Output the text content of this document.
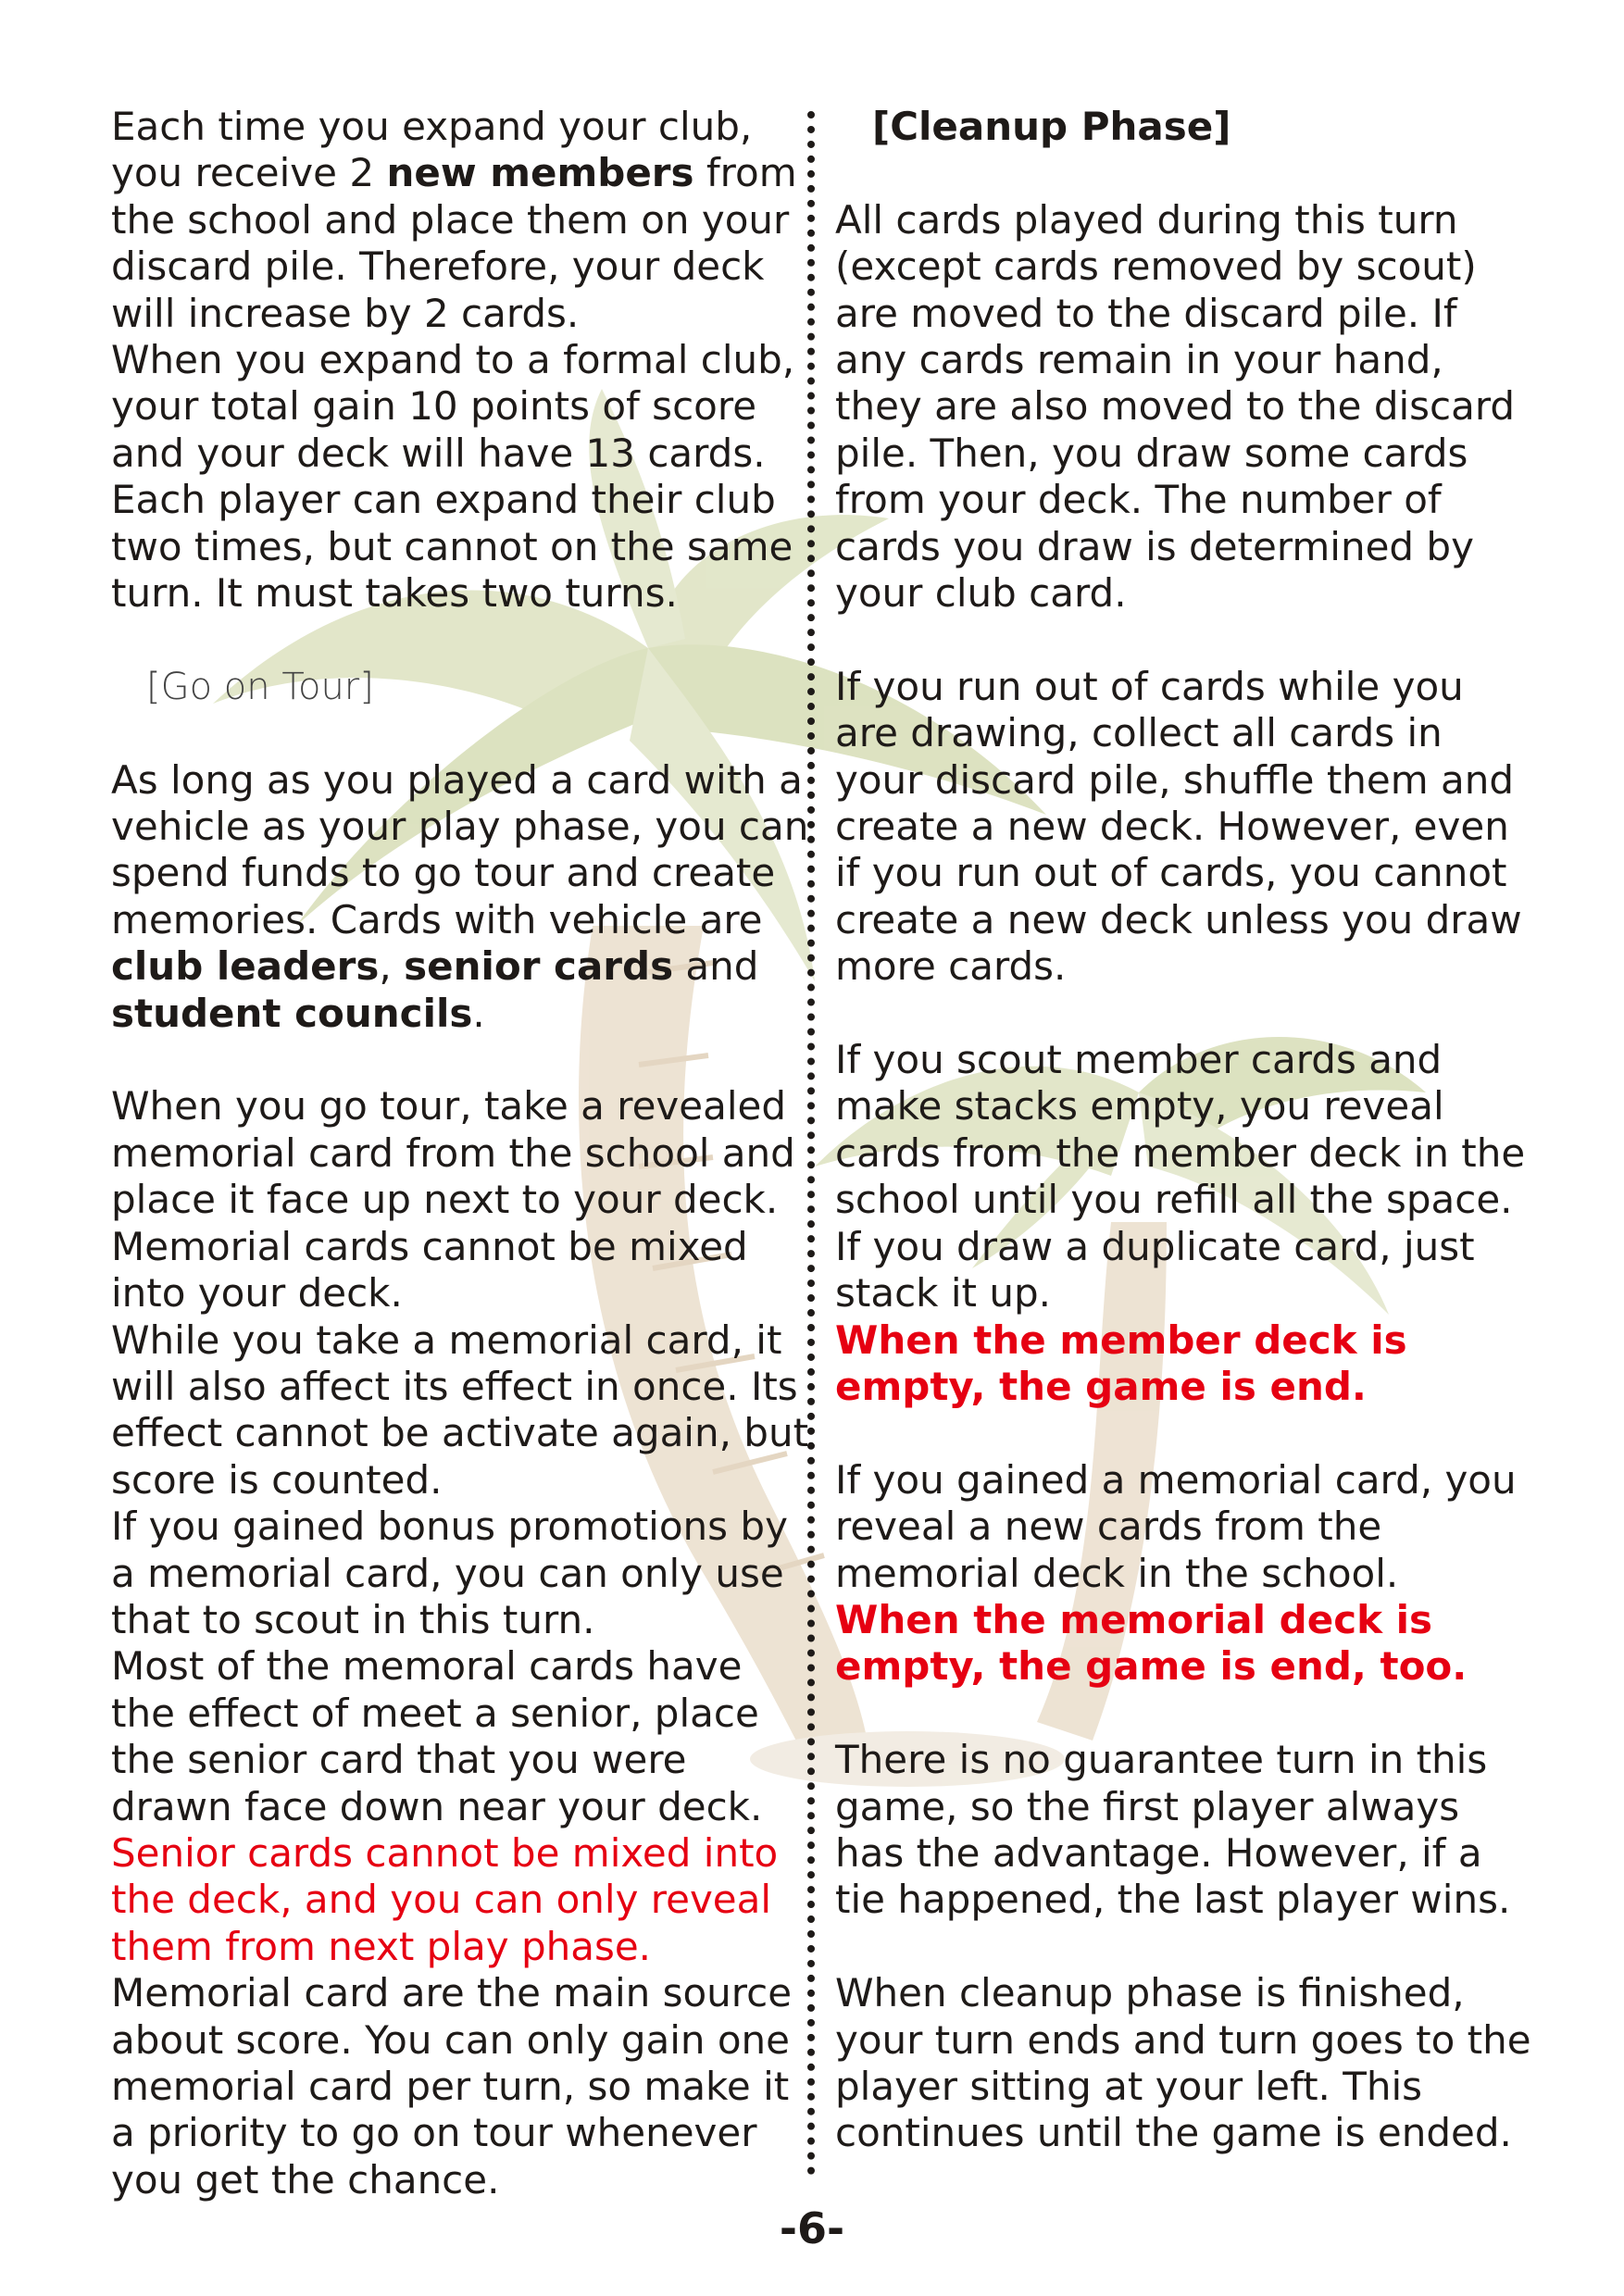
Each time you expand your club,
you receive 2 new members from the school and place them on your discard pile. Therefore, your deck will increase by 2 cards.

When you expand to a formal club, your total gain 10 points of score and your deck will have 13 cards.

Each player can expand their club two times, but cannot on the same turn. It must takes two turns.

[Go on Tour]

As long as you played a card with a vehicle as your play phase, you can spend funds to go tour and create memories. Cards with vehicle are club leaders, senior cards and student councils.

When you go tour, take a revealed memorial card from the school and place it face up next to your deck. Memorial cards cannot be mixed into your deck.

While you take a memorial card, it will also affect its effect in once. Its effect cannot be activate again, but score is counted.

If you gained bonus promotions by a memorial card, you can only use that to scout in this turn.

Most of the memoral cards have the effect of meet a senior, place the senior card that you were drawn face down near your deck.

Senior cards cannot be mixed into the deck, and you can only reveal them from next play phase.

Memorial card are the main source about score. You can only gain one memorial card per turn, so make it a priority to go on tour whenever you get the chance.

[Cleanup Phase]

All cards played during this turn (except cards removed by scout) are moved to the discard pile. If any cards remain in your hand, they are also moved to the discard pile. Then, you draw some cards from your deck. The number of cards you draw is determined by your club card.

If you run out of cards while you are drawing, collect all cards in your discard pile, shuffle them and create a new deck. However, even if you run out of cards, you cannot create a new deck unless you draw more cards.

If you scout member cards and make stacks empty, you reveal cards from the member deck in the school until you refill all the space. If you draw a duplicate card, just stack it up.

When the member deck is empty, the game is end.

If you gained a memorial card, you reveal a new cards from the memorial deck in the school.

When the memorial deck is empty, the game is end, too.

There is no guarantee turn in this game, so the first player always has the advantage. However, if a tie happened, the last player wins.

When cleanup phase is finished, your turn ends and turn goes to the player sitting at your left. This continues until the game is ended.

-6-
